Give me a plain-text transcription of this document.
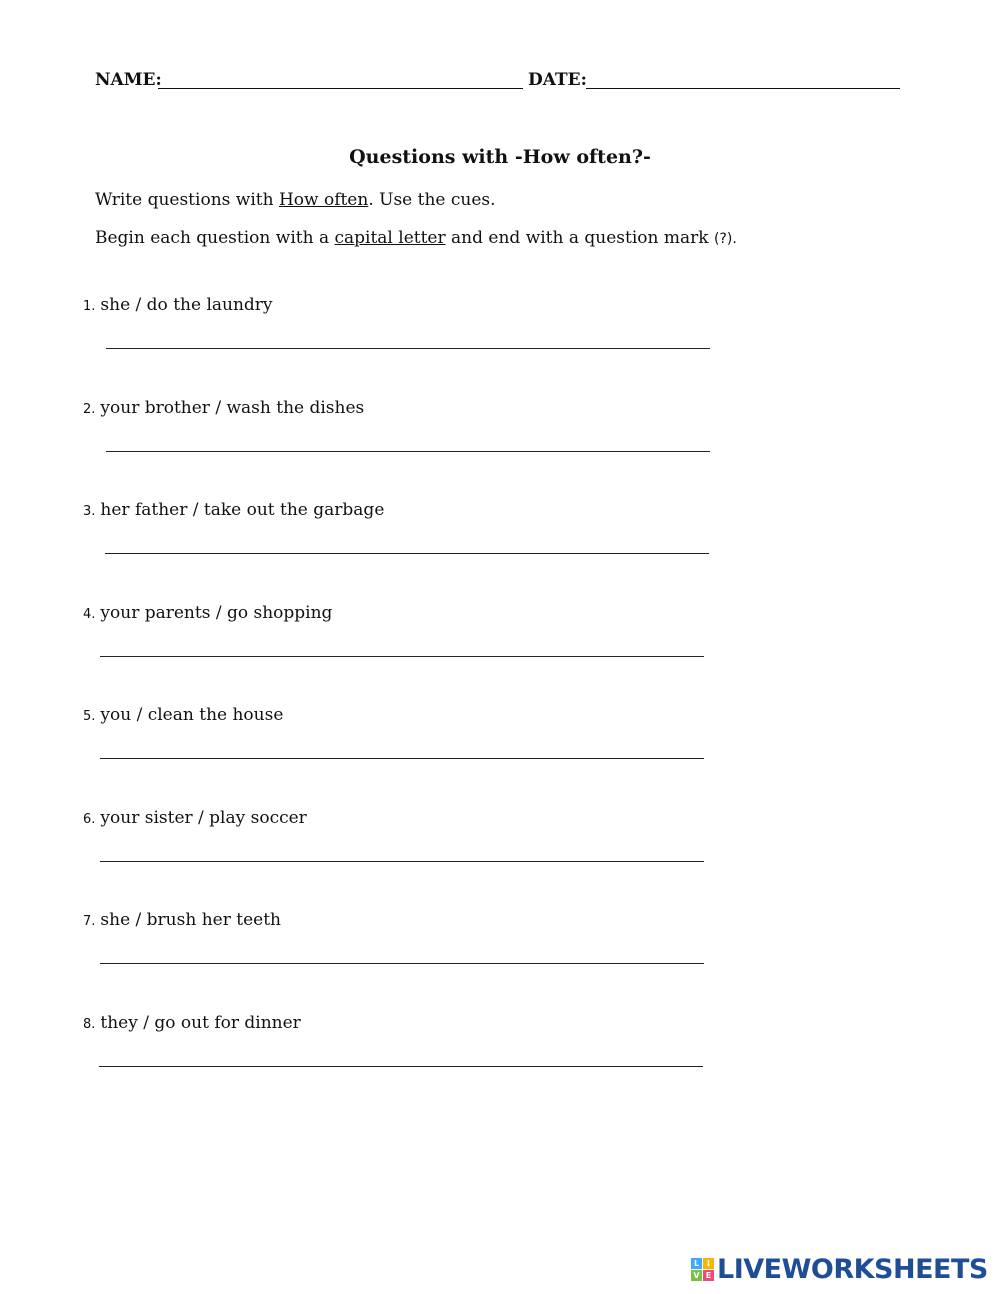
NAME:	DATE:
Questions with -How often?-
Write questions with How often. Use the cues.
Begin each question with a capital letter and end with a question mark (?).
1. she / do the laundry
2. your brother / wash the dishes
3. her father / take out the garbage
4. your parents / go shopping
5. you / clean the house
6. your sister / play soccer
7. she / brush her teeth
8. they / go out for dinner
L I
V E LIVEWORKSHEETS
